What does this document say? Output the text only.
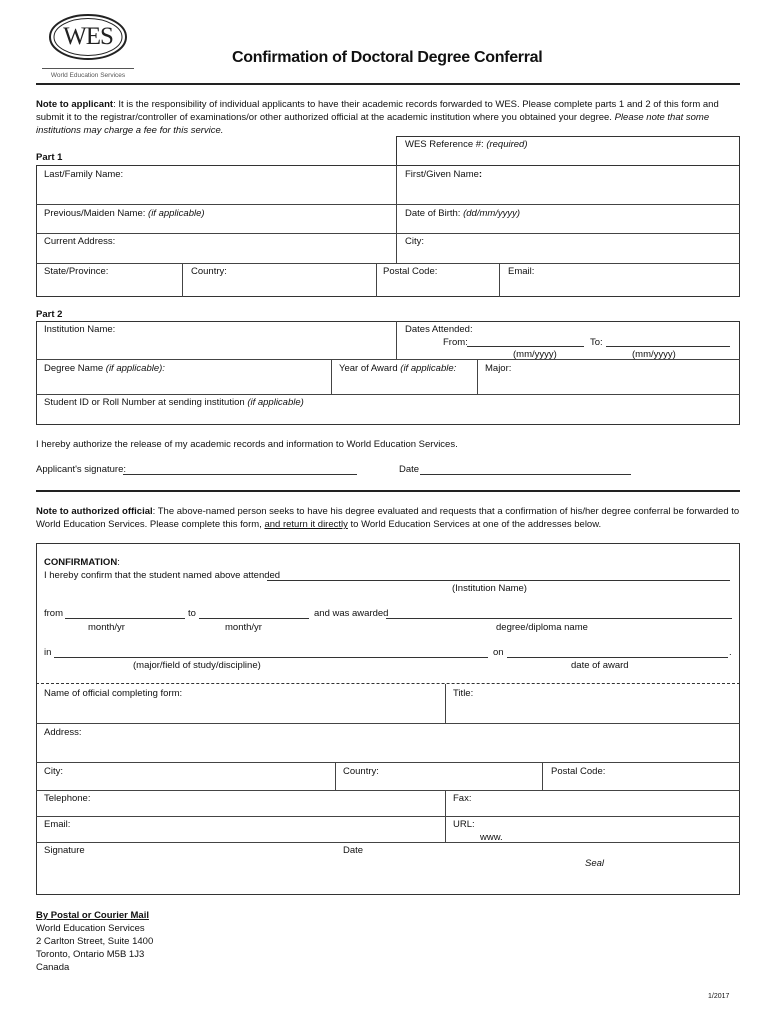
WES
World Education Services
Confirmation of Doctoral Degree Conferral
Note to applicant: It is the responsibility of individual applicants to have their academic records forwarded to WES. Please complete parts 1 and 2 of this form and submit it to the registrar/controller of examinations/or other authorized official at the academic institution where you obtained your degree. Please note that some institutions may charge a fee for this service.
WES Reference #: (required)
Part 1
Last/Family Name:	First/Given Name:
Previous/Maiden Name: (if applicable)	Date of Birth: (dd/mm/yyyy)
Current Address:	City:
State/Province:	Country:	Postal Code:	Email:
Part 2
Institution Name:	Dates Attended:
From:	To:
(mm/yyyy)	(mm/yyyy)
Degree Name (if applicable):	Year of Award (if applicable:	Major:
Student ID or Roll Number at sending institution (if applicable)
I hereby authorize the release of my academic records and information to World Education Services.
Applicant's signature:	Date
Note to authorized official: The above-named person seeks to have his degree evaluated and requests that a confirmation of his/her degree conferral be forwarded to World Education Services. Please complete this form, and return it directly to World Education Services at one of the addresses below.
CONFIRMATION:
I hereby confirm that the student named above attended
(Institution Name)
from	to	and was awarded
month/yr	month/yr	degree/diploma name
in	on	.
(major/field of study/discipline)	date of award
Name of official completing form:	Title:
Address:
City:	Country:	Postal Code:
Telephone:	Fax:
Email:	URL:
www.
Signature	Date
Seal
By Postal or Courier Mail
World Education Services
2 Carlton Street, Suite 1400
Toronto, Ontario M5B 1J3
Canada
1/2017
